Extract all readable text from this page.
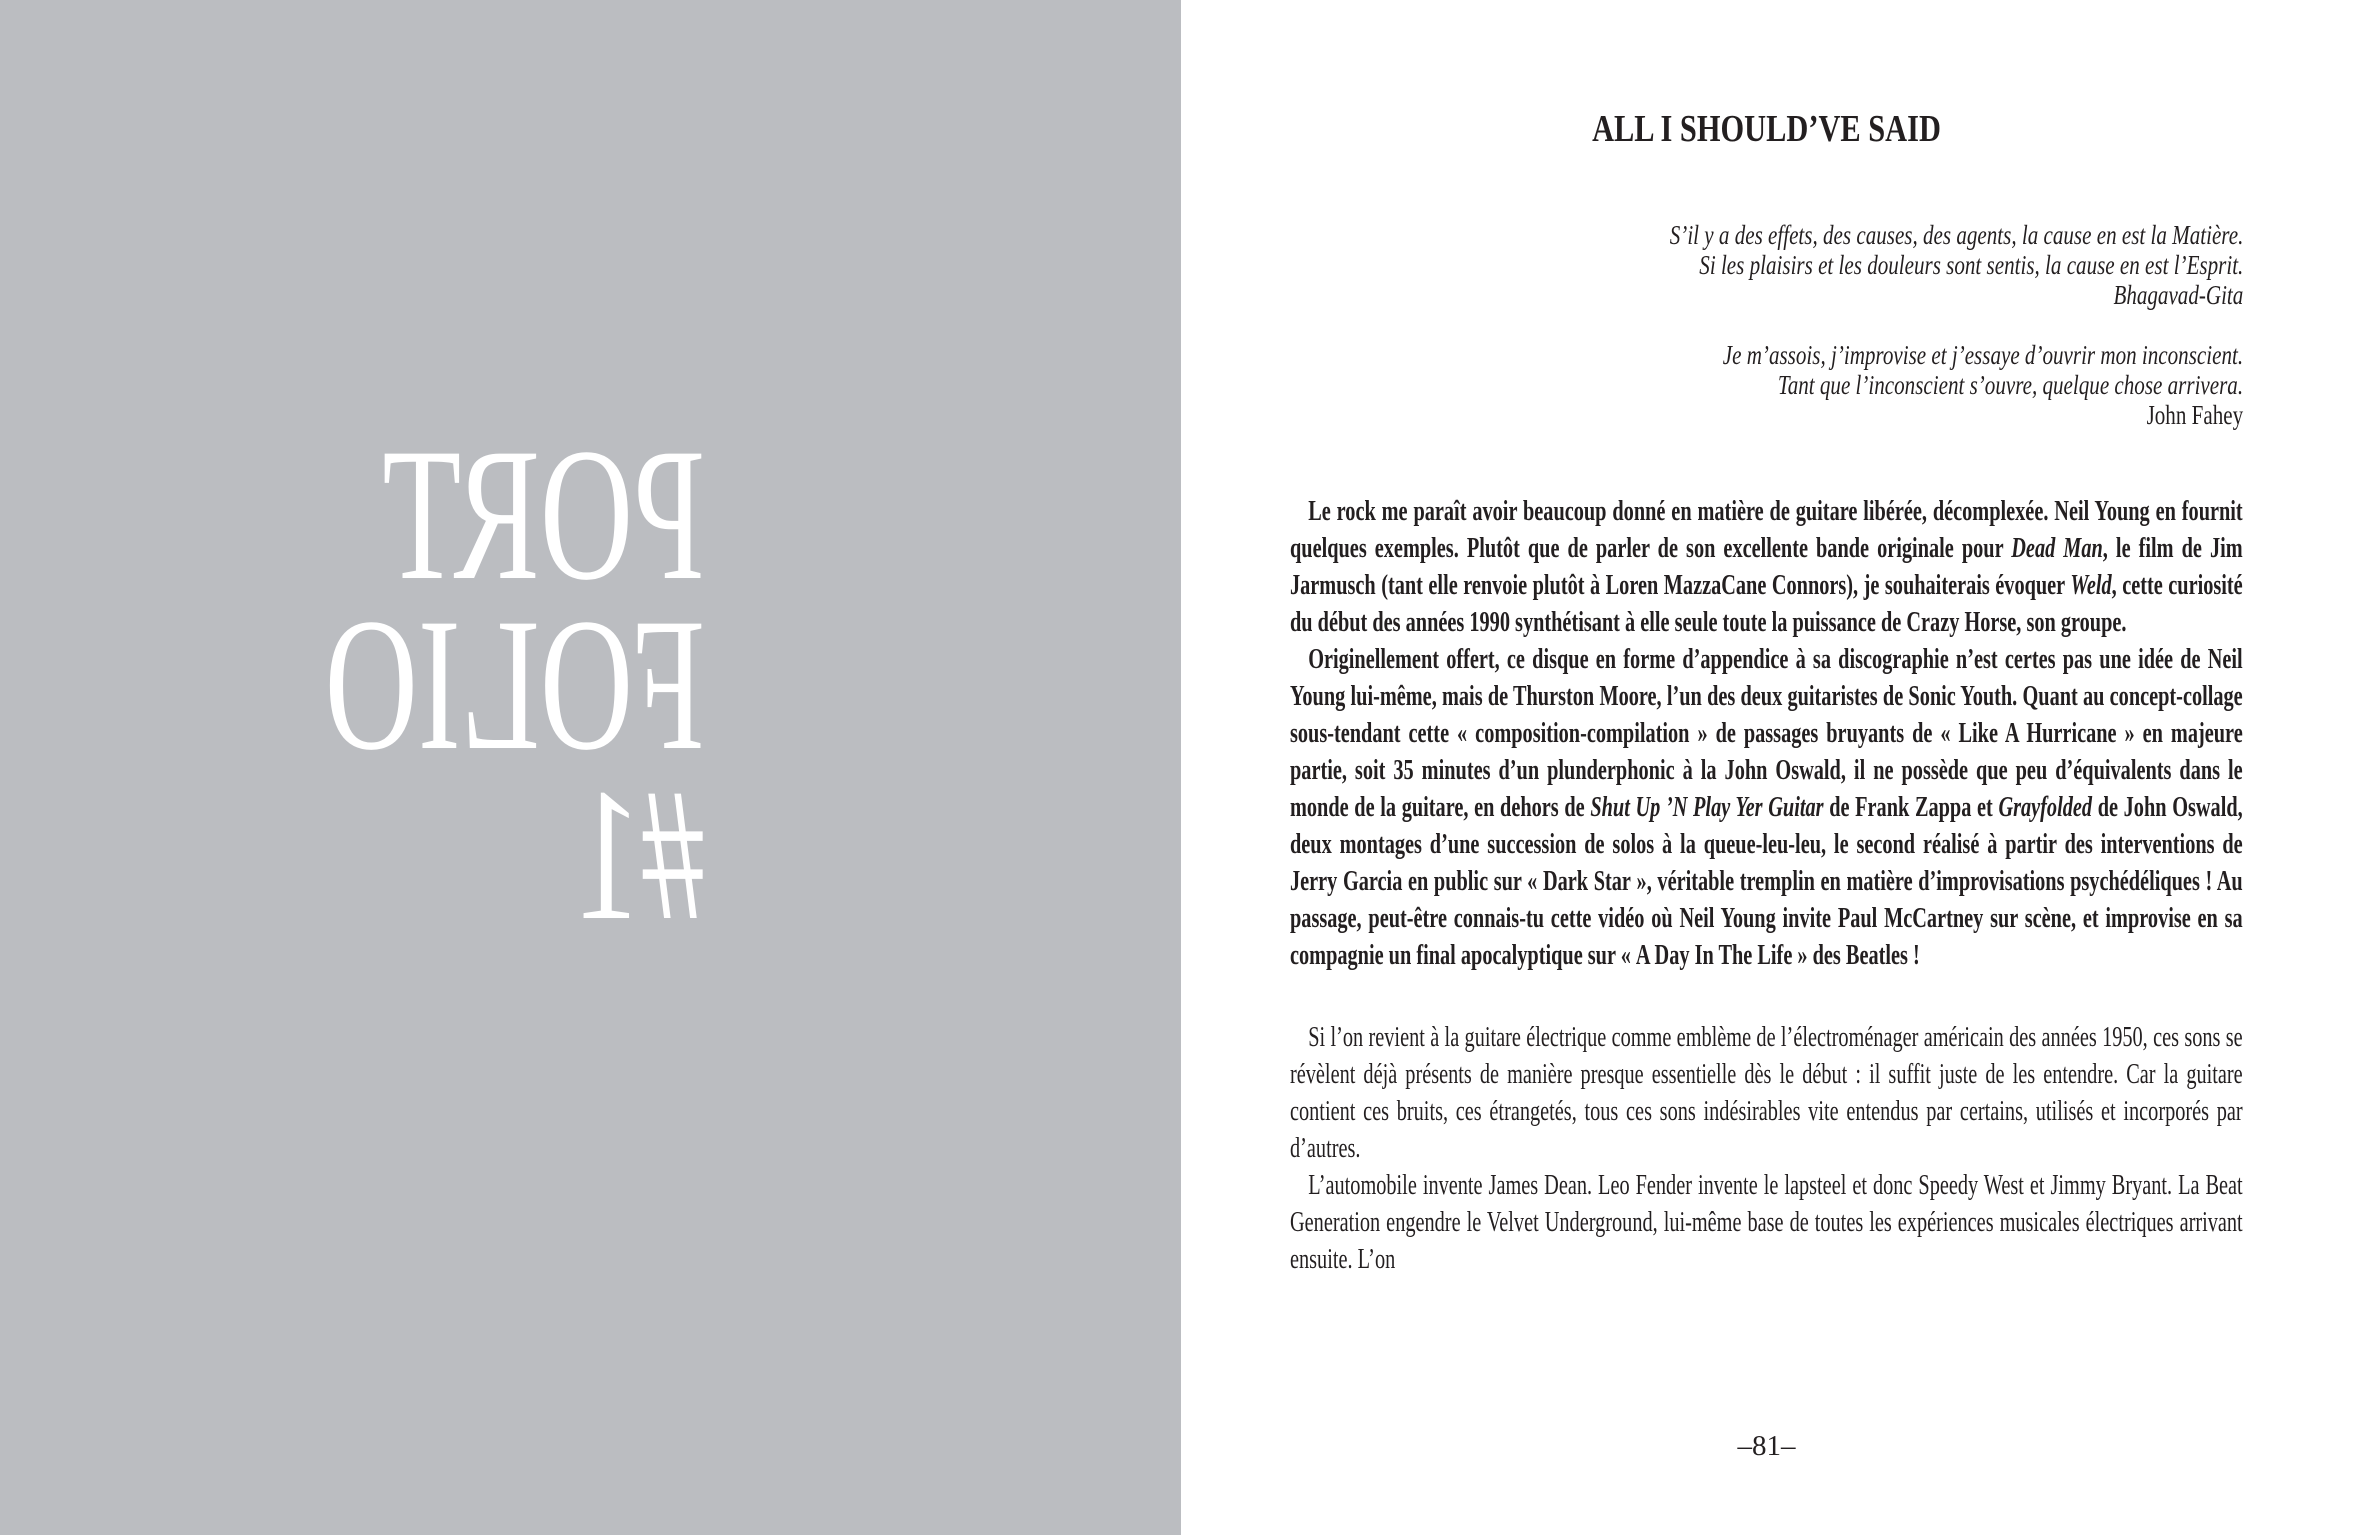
PORT
FOLIO
#1
ALL I SHOULD’VE SAID
S’il y a des effets, des causes, des agents, la cause en est la Matière.
Si les plaisirs et les douleurs sont sentis, la cause en est l’Esprit.
Bhagavad-Gita
Je m’assois, j’improvise et j’essaye d’ouvrir mon inconscient.
Tant que l’inconscient s’ouvre, quelque chose arrivera.
John Fahey

Le rock me paraît avoir beaucoup donné en matière de guitare libérée, décomplexée. Neil Young en fournit quelques exemples. Plutôt que de parler de son excellente bande originale pour Dead Man, le film de Jim Jarmusch (tant elle renvoie plutôt à Loren MazzaCane Connors), je souhaiterais évoquer Weld, cette curiosité du début des années 1990 synthétisant à elle seule toute la puissance de Crazy Horse, son groupe.

Originellement offert, ce disque en forme d’appendice à sa discographie n’est certes pas une idée de Neil Young lui-même, mais de Thurston Moore, l’un des deux guitaristes de Sonic Youth. Quant au concept-collage sous-tendant cette « composition-compilation » de passages bruyants de « Like A Hurricane » en majeure partie, soit 35 minutes d’un plunderphonic à la John Oswald, il ne possède que peu d’équivalents dans le monde de la guitare, en dehors de Shut Up ’N Play Yer Guitar de Frank Zappa et Grayfolded de John Oswald, deux montages d’une succession de solos à la queue-leu-leu, le second réalisé à partir des interventions de Jerry Garcia en public sur « Dark Star », véritable tremplin en matière d’improvisations psychédéliques ! Au passage, peut-être connais-tu cette vidéo où Neil Young invite Paul McCartney sur scène, et improvise en sa compagnie un final apocalyptique sur « A Day In The Life » des Beatles !

Si l’on revient à la guitare électrique comme emblème de l’électroménager américain des années 1950, ces sons se révèlent déjà présents de manière presque essentielle dès le début : il suffit juste de les entendre. Car la guitare contient ces bruits, ces étrangetés, tous ces sons indésirables vite entendus par certains, utilisés et incorporés par d’autres.

L’automobile invente James Dean. Leo Fender invente le lapsteel et donc Speedy West et Jimmy Bryant. La Beat Generation engendre le Velvet Underground, lui-même base de toutes les expériences musicales électriques arrivant ensuite. L’on

–81–
